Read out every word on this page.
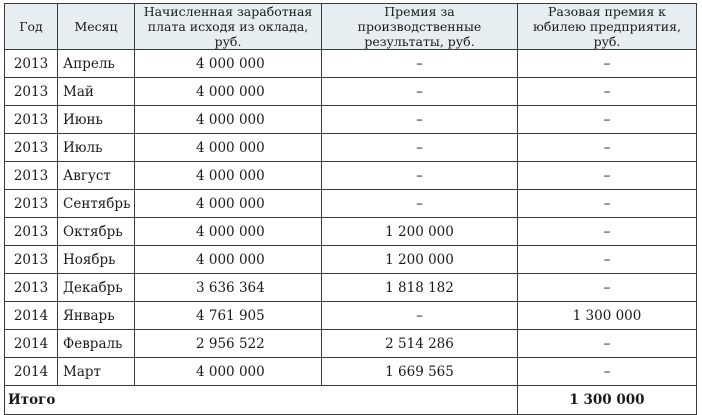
Год	Месяц	Начисленная заработная плата исходя из оклада, руб.	Премия за производственные результаты, руб.	Разовая премия к юбилею предприятия, руб.
2013	Апрель	4 000 000	–	–
2013	Май	4 000 000	–	–
2013	Июнь	4 000 000	–	–
2013	Июль	4 000 000	–	–
2013	Август	4 000 000	–	–
2013	Сентябрь	4 000 000	–	–
2013	Октябрь	4 000 000	1 200 000	–
2013	Ноябрь	4 000 000	1 200 000	–
2013	Декабрь	3 636 364	1 818 182	–
2014	Январь	4 761 905	–	1 300 000
2014	Февраль	2 956 522	2 514 286	–
2014	Март	4 000 000	1 669 565	–
Итого				1 300 000
